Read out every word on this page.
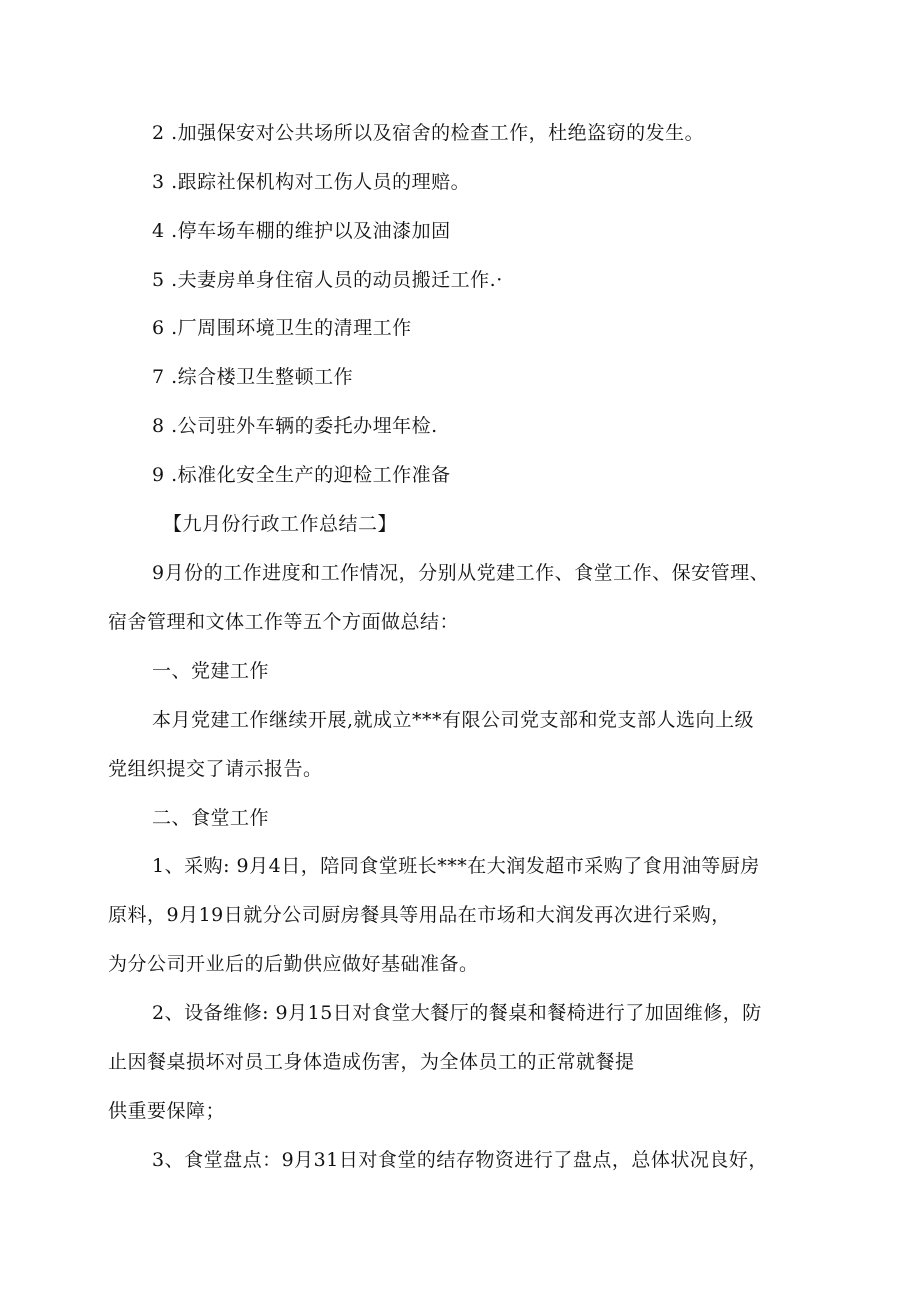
2 .加强保安对公共场所以及宿舍的检查工作，杜绝盗窃的发生。
3 .跟踪社保机构对工伤人员的理赔。
4 .停车场车棚的维护以及油漆加固
5 .夫妻房单身住宿人员的动员搬迁工作.·
6 .厂周围环境卫生的清理工作
7 .综合楼卫生整顿工作
8 .公司驻外车辆的委托办埋年检.
9 .标准化安全生产的迎检工作准备
【九月份行政工作总结二】
9月份的工作进度和工作情况，分别从党建工作、食堂工作、保安管理、
宿舍管理和文体工作等五个方面做总结：
一、党建工作
本月党建工作继续开展,就成立***有限公司党支部和党支部人选向上级
党组织提交了请示报告。
二、食堂工作
1、采购: 9月4日，陪同食堂班长***在大润发超市采购了食用油等厨房
原料，9月19日就分公司厨房餐具等用品在市场和大润发再次进行采购，
为分公司开业后的后勤供应做好基础准备。
2、设备维修: 9月15日对食堂大餐厅的餐桌和餐椅进行了加固维修，防
止因餐桌损坏对员工身体造成伤害，为全体员工的正常就餐提
供重要保障；
3、食堂盘点：9月31日对食堂的结存物资进行了盘点，总体状况良好，
